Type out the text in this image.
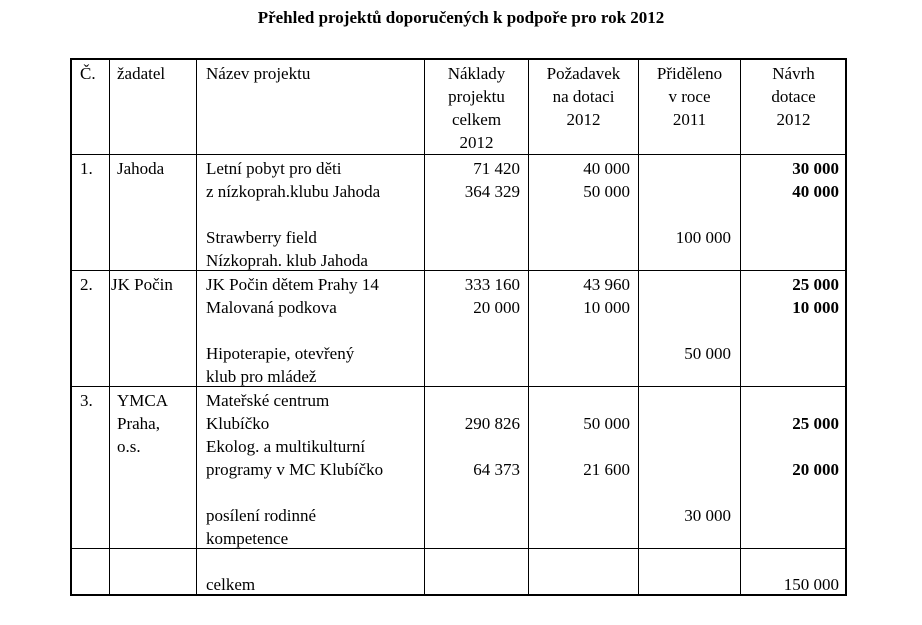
Přehled projektů doporučených k podpoře pro rok 2012
Č. žadatel Název projektu	Náklady
projektu
celkem
2012
Požadavek
na dotaci
2012
Přiděleno
v roce
2011
Návrh
dotace
2012
1. Jahoda Letní pobyt pro děti
z nízkoprah.klubu Jahoda
Strawberry field
Nízkoprah. klub Jahoda
71 420
364 329
40 000
50 000
100 000
30 000
40 000
2. JK Počin JK Počin dětem Prahy 14
Malovaná podkova
Hipoterapie, otevřený
klub pro mládež
333 160
20 000
43 960
10 000
50 000
25 000
10 000
3. YMCA
Praha,
o.s.
Mateřské centrum
Klubíčko
Ekolog. a multikulturní
programy v MC Klubíčko
posílení rodinné
kompetence
290 826
64 373
50 000
21 600
30 000
25 000
20 000
celkem	150 000
